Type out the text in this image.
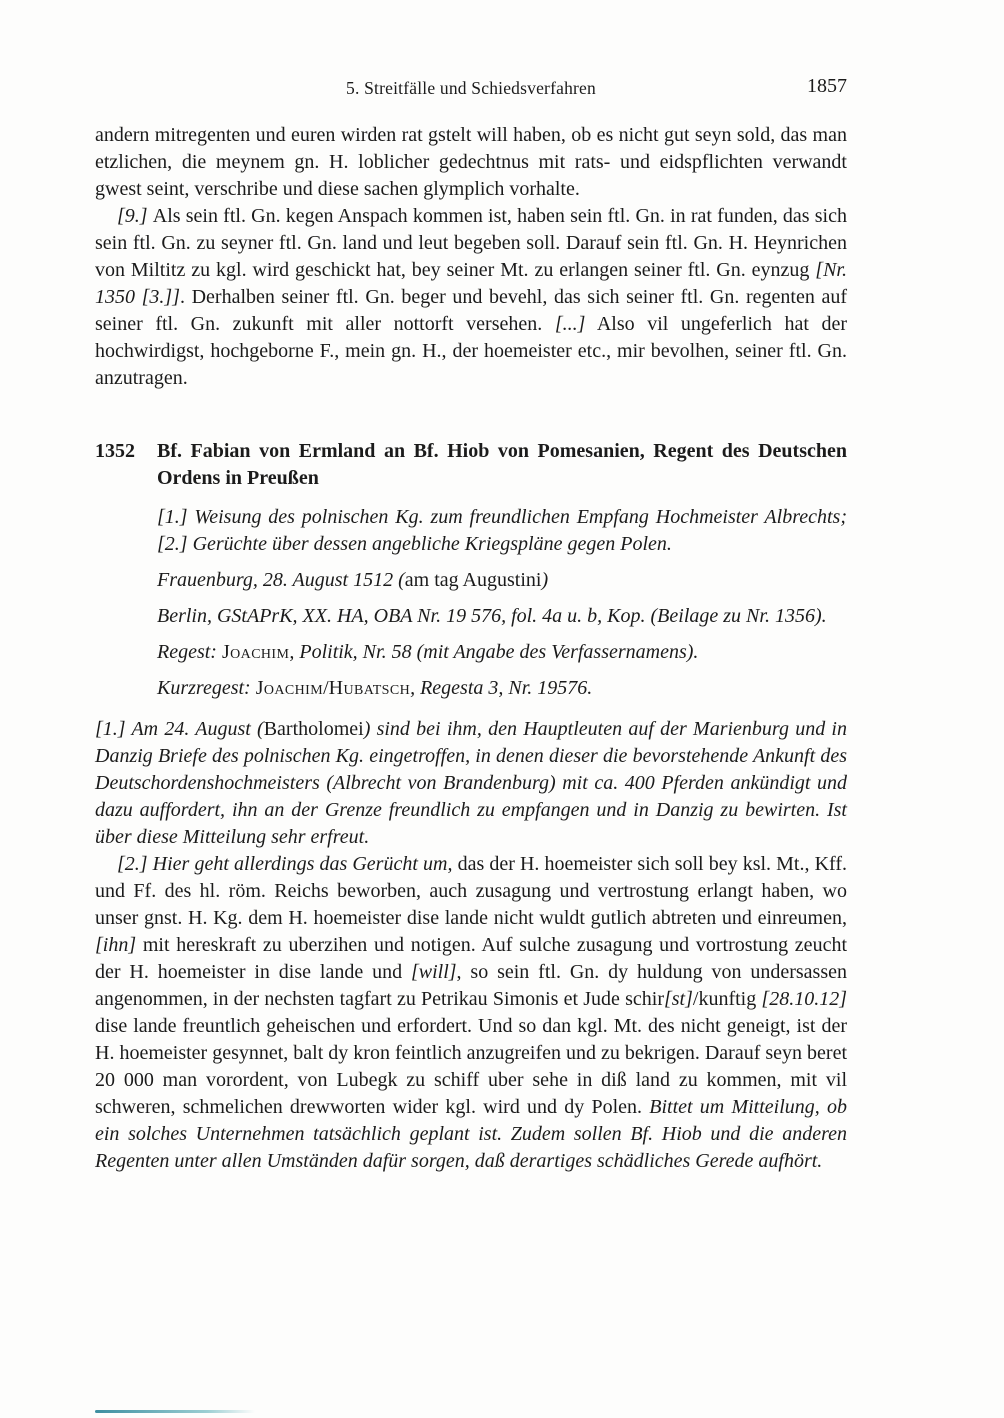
5. Streitfälle und Schiedsverfahren	1857

andern mitregenten und euren wirden rat gstelt will haben, ob es nicht gut seyn sold, das man etzlichen, die meynem gn. H. loblicher gedechtnus mit rats- und eidspflichten verwandt gwest seint, verschribe und diese sachen glymplich vorhalte.

[9.] Als sein ftl. Gn. kegen Anspach kommen ist, haben sein ftl. Gn. in rat funden, das sich sein ftl. Gn. zu seyner ftl. Gn. land und leut begeben soll. Darauf sein ftl. Gn. H. Heynrichen von Miltitz zu kgl. wird geschickt hat, bey seiner Mt. zu erlangen seiner ftl. Gn. eynzug [Nr. 1350 [3.]]. Derhalben seiner ftl. Gn. beger und bevehl, das sich seiner ftl. Gn. regenten auf seiner ftl. Gn. zukunft mit aller nottorft versehen. [...] Also vil ungeferlich hat der hochwirdigst, hochgeborne F., mein gn. H., der hoemeister etc., mir bevolhen, seiner ftl. Gn. anzutragen.

1352	Bf. Fabian von Ermland an Bf. Hiob von Pomesanien, Regent des Deutschen Ordens in Preußen

[1.] Weisung des polnischen Kg. zum freundlichen Empfang Hochmeister Albrechts; [2.] Gerüchte über dessen angebliche Kriegspläne gegen Polen.

Frauenburg, 28. August 1512 (am tag Augustini)

Berlin, GStAPrK, XX. HA, OBA Nr. 19 576, fol. 4a u. b, Kop. (Beilage zu Nr. 1356).

Regest: Joachim, Politik, Nr. 58 (mit Angabe des Verfassernamens).

Kurzregest: Joachim/Hubatsch, Regesta 3, Nr. 19576.

[1.] Am 24. August (Bartholomei) sind bei ihm, den Hauptleuten auf der Marienburg und in Danzig Briefe des polnischen Kg. eingetroffen, in denen dieser die bevorstehende Ankunft des Deutschordenshochmeisters (Albrecht von Brandenburg) mit ca. 400 Pferden ankündigt und dazu auffordert, ihn an der Grenze freundlich zu empfangen und in Danzig zu bewirten. Ist über diese Mitteilung sehr erfreut.

[2.] Hier geht allerdings das Gerücht um, das der H. hoemeister sich soll bey ksl. Mt., Kff. und Ff. des hl. röm. Reichs beworben, auch zusagung und vertrostung erlangt haben, wo unser gnst. H. Kg. dem H. hoemeister dise lande nicht wuldt gutlich abtreten und einreumen, [ihn] mit hereskraft zu uberzihen und notigen. Auf sulche zusagung und vortrostung zeucht der H. hoemeister in dise lande und [will], so sein ftl. Gn. dy huldung von undersassen angenommen, in der nechsten tagfart zu Petrikau Simonis et Jude schir[st]/kunftig [28.10.12] dise lande freuntlich geheischen und erfordert. Und so dan kgl. Mt. des nicht geneigt, ist der H. hoemeister gesynnet, balt dy kron feintlich anzugreifen und zu bekrigen. Darauf seyn beret 20 000 man vorordent, von Lubegk zu schiff uber sehe in diß land zu kommen, mit vil schweren, schmelichen drewworten wider kgl. wird und dy Polen. Bittet um Mitteilung, ob ein solches Unternehmen tatsächlich geplant ist. Zudem sollen Bf. Hiob und die anderen Regenten unter allen Umständen dafür sorgen, daß derartiges schädliches Gerede aufhört.
